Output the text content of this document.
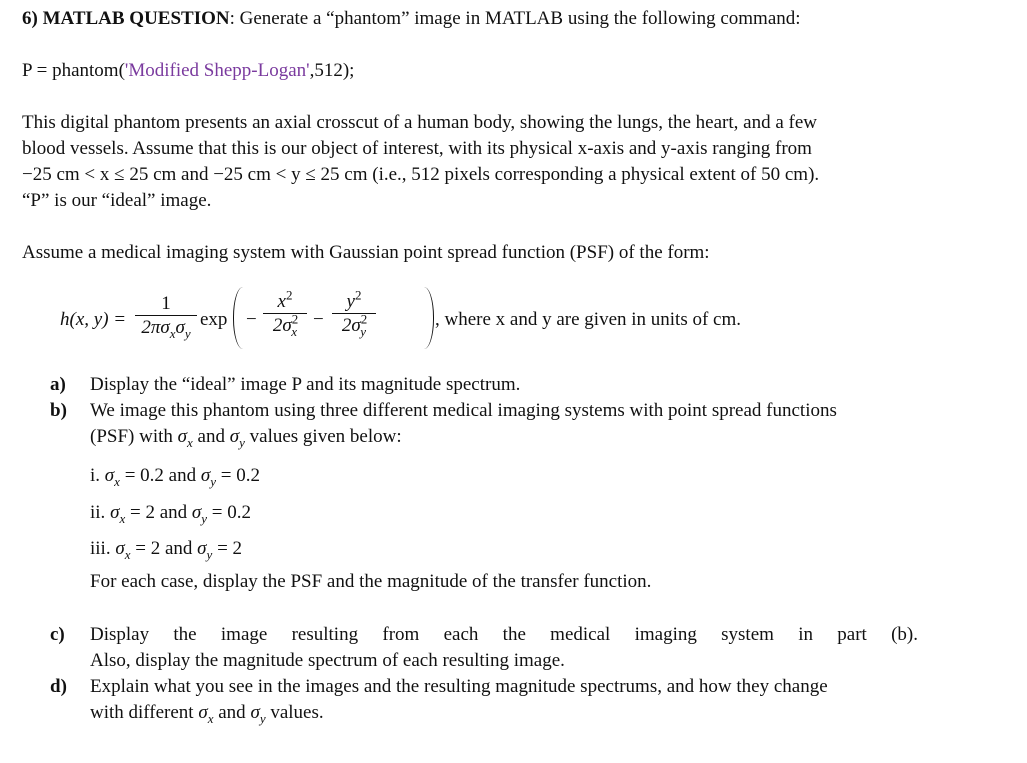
6) MATLAB QUESTION: Generate a “phantom” image in MATLAB using the following command:
P = phantom('Modified Shepp-Logan',512);
This digital phantom presents an axial crosscut of a human body, showing the lungs, the heart, and a few
blood vessels. Assume that this is our object of interest, with its physical x-axis and y-axis ranging from
−25 cm < x ≤ 25 cm and −25 cm < y ≤ 25 cm (i.e., 512 pixels corresponding a physical extent of 50 cm).
“P” is our “ideal” image.
Assume a medical imaging system with Gaussian point spread function (PSF) of the form:
h(x, y) =
1
$2\pi\sigma_x\sigma_y$
exp −
$x^2$
$2\sigma^2_x$
−
$y^2$
$2\sigma^2_y$
, where x and y are given in units of cm.
a) Display the “ideal” image P and its magnitude spectrum.
b) We image this phantom using three different medical imaging systems with point spread functions
(PSF) with $\sigma_x$ and $\sigma_y$ values given below:
i. $\sigma_x = 0.2$ and $\sigma_y = 0.2$
ii. $\sigma_x = 2$ and $\sigma_y = 0.2$
iii. $\sigma_x = 2$ and $\sigma_y = 2$
For each case, display the PSF and the magnitude of the transfer function.
c) Display the image resulting from each the medical imaging system in part (b).
Also, display the magnitude spectrum of each resulting image.
d) Explain what you see in the images and the resulting magnitude spectrums, and how they change
with different $\sigma_x$ and $\sigma_y$ values.
